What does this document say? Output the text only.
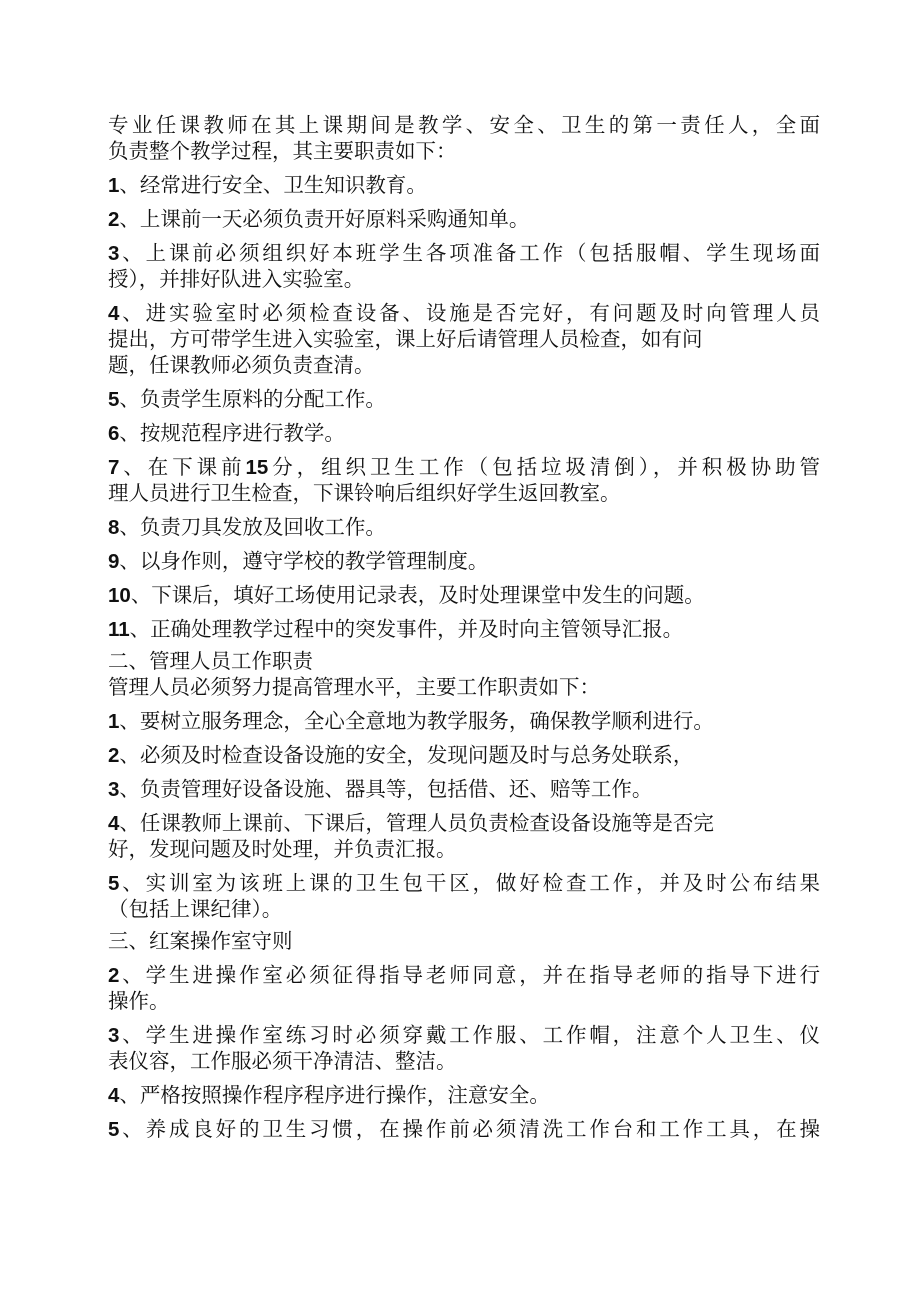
专业任课教师在其上课期间是教学、安全、卫生的第一责任人，全面
负责整个教学过程，其主要职责如下：
1、经常进行安全、卫生知识教育。
2、上课前一天必须负责开好原料采购通知单。
3、上课前必须组织好本班学生各项准备工作（包括服帽、学生现场面
授），并排好队进入实验室。
4、进实验室时必须检查设备、设施是否完好，有问题及时向管理人员
提出，方可带学生进入实验室，课上好后请管理人员检查，如有问
题，任课教师必须负责查清。
5、负责学生原料的分配工作。
6、按规范程序进行教学。
7、在下课前15分，组织卫生工作（包括垃圾清倒），并积极协助管
理人员进行卫生检查，下课铃响后组织好学生返回教室。
8、负责刀具发放及回收工作。
9、以身作则，遵守学校的教学管理制度。
10、下课后，填好工场使用记录表，及时处理课堂中发生的问题。
11、正确处理教学过程中的突发事件，并及时向主管领导汇报。
二、管理人员工作职责
管理人员必须努力提高管理水平，主要工作职责如下：
1、要树立服务理念，全心全意地为教学服务，确保教学顺利进行。
2、必须及时检查设备设施的安全，发现问题及时与总务处联系，
3、负责管理好设备设施、器具等，包括借、还、赔等工作。
4、任课教师上课前、下课后，管理人员负责检查设备设施等是否完
好，发现问题及时处理，并负责汇报。
5、实训室为该班上课的卫生包干区，做好检查工作，并及时公布结果
（包括上课纪律）。
三、红案操作室守则
2、学生进操作室必须征得指导老师同意，并在指导老师的指导下进行
操作。
3、学生进操作室练习时必须穿戴工作服、工作帽，注意个人卫生、仪
表仪容，工作服必须干净清洁、整洁。
4、严格按照操作程序程序进行操作，注意安全。
5、养成良好的卫生习惯，在操作前必须清洗工作台和工作工具，在操
